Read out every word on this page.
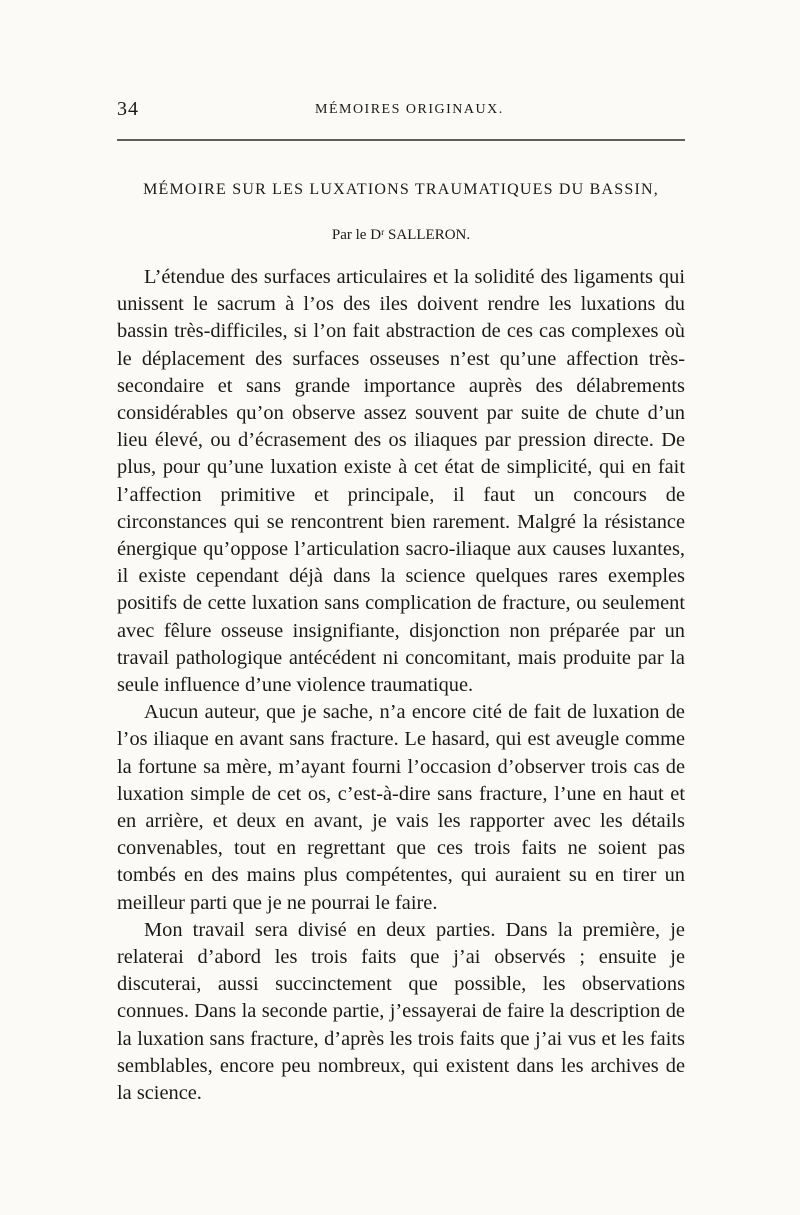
34	MÉMOIRES ORIGINAUX.
MÉMOIRE SUR LES LUXATIONS TRAUMATIQUES DU BASSIN,
Par le Dʳ SALLERON.

L’étendue des surfaces articulaires et la solidité des ligaments qui unissent le sacrum à l’os des iles doivent rendre les luxations du bassin très-difficiles, si l’on fait abstraction de ces cas complexes où le déplacement des surfaces osseuses n’est qu’une affection très-secondaire et sans grande importance auprès des délabrements considérables qu’on observe assez souvent par suite de chute d’un lieu élevé, ou d’écrasement des os iliaques par pression directe. De plus, pour qu’une luxation existe à cet état de simplicité, qui en fait l’affection primitive et principale, il faut un concours de circonstances qui se rencontrent bien rarement. Malgré la résistance énergique qu’oppose l’articulation sacro-iliaque aux causes luxantes, il existe cependant déjà dans la science quelques rares exemples positifs de cette luxation sans complication de fracture, ou seulement avec fêlure osseuse insignifiante, disjonction non préparée par un travail pathologique antécédent ni concomitant, mais produite par la seule influence d’une violence traumatique.

Aucun auteur, que je sache, n’a encore cité de fait de luxation de l’os iliaque en avant sans fracture. Le hasard, qui est aveugle comme la fortune sa mère, m’ayant fourni l’occasion d’observer trois cas de luxation simple de cet os, c’est-à-dire sans fracture, l’une en haut et en arrière, et deux en avant, je vais les rapporter avec les détails convenables, tout en regrettant que ces trois faits ne soient pas tombés en des mains plus compétentes, qui auraient su en tirer un meilleur parti que je ne pourrai le faire.

Mon travail sera divisé en deux parties. Dans la première, je relaterai d’abord les trois faits que j’ai observés ; ensuite je discuterai, aussi succinctement que possible, les observations connues. Dans la seconde partie, j’essayerai de faire la description de la luxation sans fracture, d’après les trois faits que j’ai vus et les faits semblables, encore peu nombreux, qui existent dans les archives de la science.
